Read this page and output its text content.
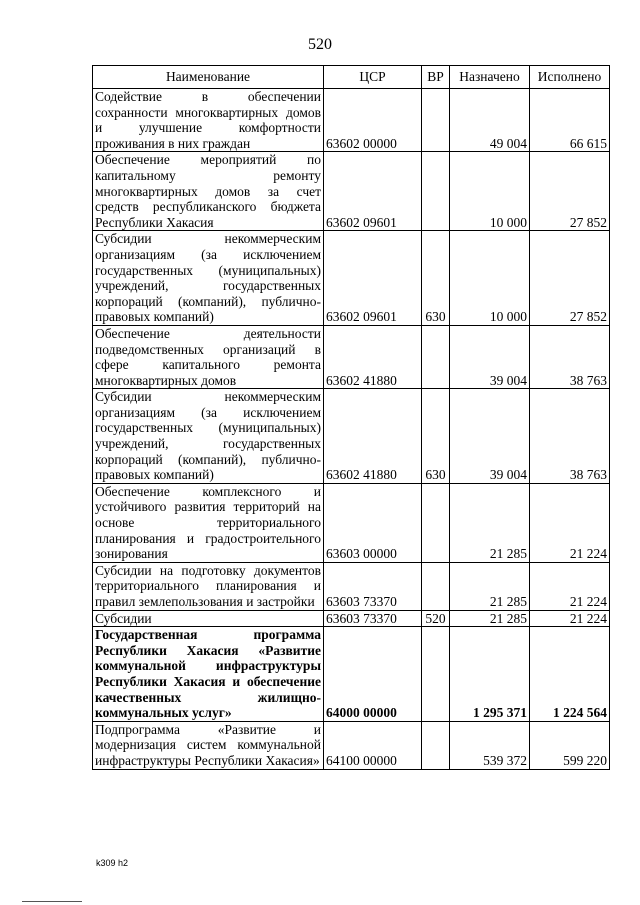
520
Наименование	ЦСР	ВР	Назначено	Исполнено
Содействие в обеспечении сохранности многоквартирных домов и улучшение комфортности проживания в них граждан	63602 00000		49 004	66 615
Обеспечение мероприятий по капитальному ремонту многоквартирных домов за счет средств республиканского бюджета Республики Хакасия	63602 09601		10 000	27 852
Субсидии некоммерческим организациям (за исключением государственных (муниципальных) учреждений, государственных корпораций (компаний), публично-правовых компаний)	63602 09601	630	10 000	27 852
Обеспечение деятельности подведомственных организаций в сфере капитального ремонта многоквартирных домов	63602 41880		39 004	38 763
Субсидии некоммерческим организациям (за исключением государственных (муниципальных) учреждений, государственных корпораций (компаний), публично-правовых компаний)	63602 41880	630	39 004	38 763
Обеспечение комплексного и устойчивого развития территорий на основе территориального планирования и градостроительного зонирования	63603 00000		21 285	21 224
Субсидии на подготовку документов территориального планирования и правил землепользования и застройки	63603 73370		21 285	21 224
Субсидии	63603 73370	520	21 285	21 224
Государственная программа Республики Хакасия «Развитие коммунальной инфраструктуры Республики Хакасия и обеспечение качественных жилищно-коммунальных услуг»	64000 00000		1 295 371	1 224 564
Подпрограмма «Развитие и модернизация систем коммунальной инфраструктуры Республики Хакасия»	64100 00000		539 372	599 220
k309 h2
